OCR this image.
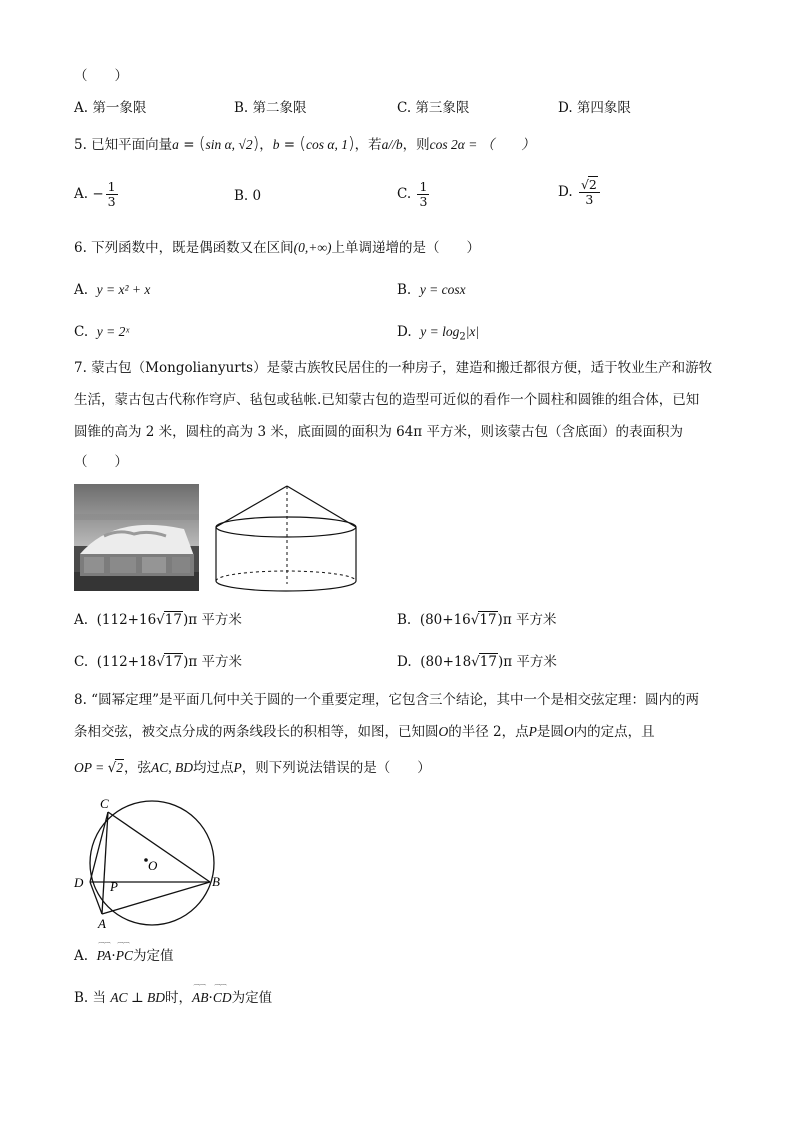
（　　）
A. 第一象限	B. 第二象限	C. 第三象限	D. 第四象限
5. 已知平面向量a = (sin α, √2)，b = (cos α, 1)，若a//b，则cos 2α = （　　）
A. − $\frac{1}{3}$	B. 0	C. $\frac{1}{3}$	D. $\frac{√2}{3}$
6. 下列函数中，既是偶函数又在区间(0,+∞)上单调递增的是（　　）
A. y = x² + x	B. y = cosx
C. y = 2ˣ	D. $y = \log_2|x|$
7. 蒙古包（Mongolianyurts）是蒙古族牧民居住的一种房子，建造和搬迁都很方便，适于牧业生产和游牧
生活，蒙古包古代称作穹庐、毡包或毡帐.已知蒙古包的造型可近似的看作一个圆柱和圆锥的组合体，已知
圆锥的高为 2 米，圆柱的高为 3 米，底面圆的面积为 64π 平方米，则该蒙古包（含底面）的表面积为
（　　）
A. (112+16√17)π 平方米	B. (80+16√17)π 平方米
C. (112+18√17)π 平方米	D. (80+18√17)π 平方米
8. “圆幂定理”是平面几何中关于圆的一个重要定理，它包含三个结论，其中一个是相交弦定理：圆内的两
条相交弦，被交点分成的两条线段长的积相等，如图，已知圆O的半径 2，点P是圆O内的定点，且
OP = √2，弦AC, BD均过点P，则下列说法错误的是（　　）
C
D P
O
B
A
A.  ⌒⌒ PA·⌒⌒ PC为定值
B. 当 AC ⊥ BD时，⌒⌒ AB·⌒⌒ CD为定值
